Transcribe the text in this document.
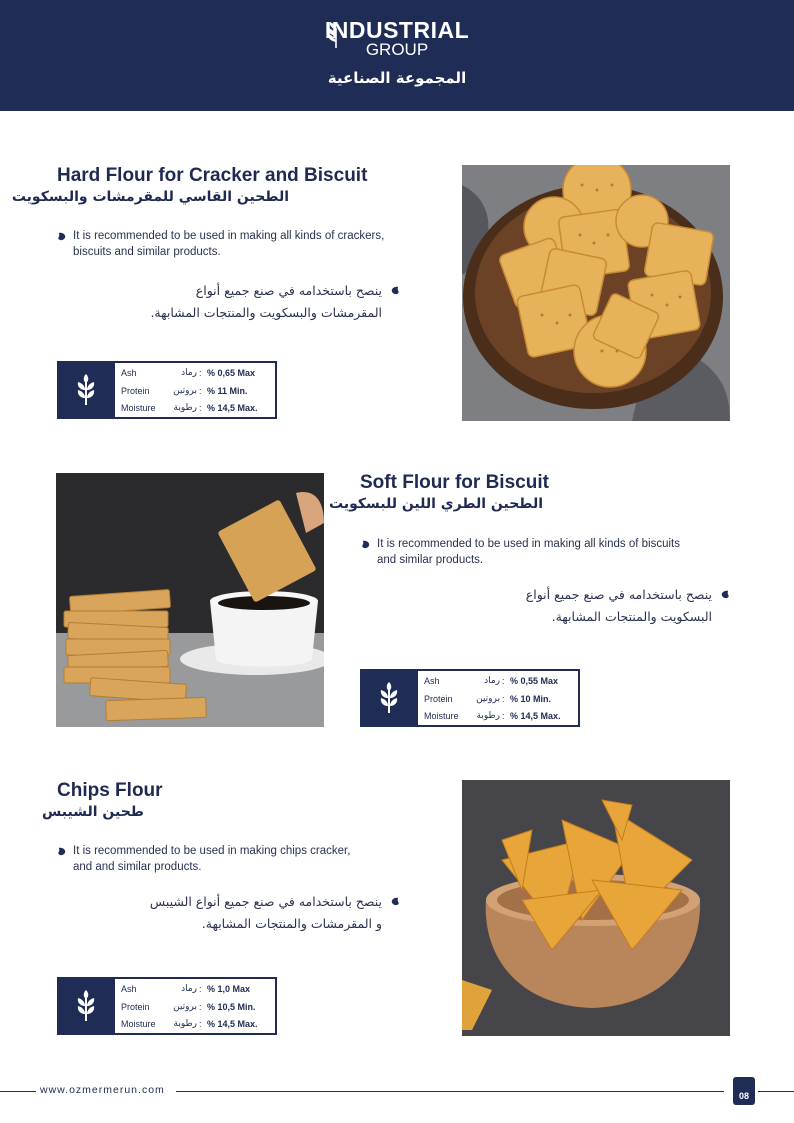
INDUSTRIAL
GROUP
المجموعة الصناعية
Hard Flour for Cracker and Biscuit
الطحين القاسي للمقرمشات والبسكويت
It is recommended to be used in making all kinds of crackers, biscuits and similar products.
ينصح باستخدامه في صنع جميع أنواع
المقرمشات والبسكويت والمنتجات المشابهة.
Ash	رماد : % 0,65 Max
Protein	بروتين : % 11 Min.
Moisture	رطوبة : % 14,5 Max.
Soft Flour for Biscuit
الطحين الطري اللين للبسكويت
It is recommended to be used in making all kinds of biscuits and similar products.
ينصح باستخدامه في صنع جميع أنواع
البسكويت والمنتجات المشابهة.
Ash	رماد : % 0,55 Max
Protein	بروتين : % 10 Min.
Moisture	رطوبة : % 14,5 Max.
Chips Flour
طحين الشيبس
It is recommended to be used in making chips cracker, and and similar products.
ينصح باستخدامه في صنع جميع أنواع الشيبس
و المقرمشات والمنتجات المشابهة.
Ash	رماد : % 1,0 Max
Protein	بروتين : % 10,5 Min.
Moisture	رطوبة : % 14,5 Max.
www.ozmermerun.com	08
